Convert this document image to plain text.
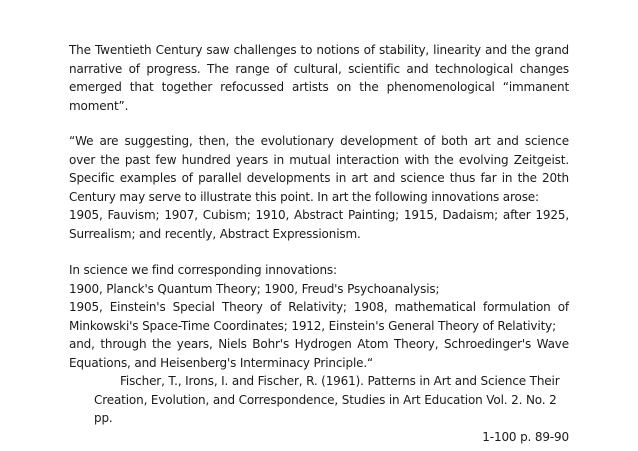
The Twentieth Century saw challenges to notions of stability, linearity and the grand narrative of progress. The range of cultural, scientific and technological changes emerged that together refocussed artists on the phenomenological “immanent moment”.

“We are suggesting, then, the evolutionary development of both art and science over the past few hundred years in mutual interaction with the evolving Zeitgeist. Specific examples of parallel developments in art and science thus far in the 20th Century may serve to illustrate this point. In art the following innovations arose:

1905, Fauvism; 1907, Cubism; 1910, Abstract Painting; 1915, Dadaism; after 1925, Surrealism; and recently, Abstract Expressionism.

In science we find corresponding innovations:

1900, Planck's Quantum Theory; 1900, Freud's Psychoanalysis;

1905, Einstein's Special Theory of Relativity; 1908, mathematical formulation of Minkowski's Space-Time Coordinates; 1912, Einstein's General Theory of Relativity;

and, through the years, Niels Bohr's Hydrogen Atom Theory, Schroedinger's Wave Equations, and Heisenberg's Interminacy Principle.“

Fischer, T., Irons, I. and Fischer, R. (1961). Patterns in Art and Science Their

Creation, Evolution, and Correspondence, Studies in Art Education Vol. 2. No. 2 pp.

1-100 p. 89-90
